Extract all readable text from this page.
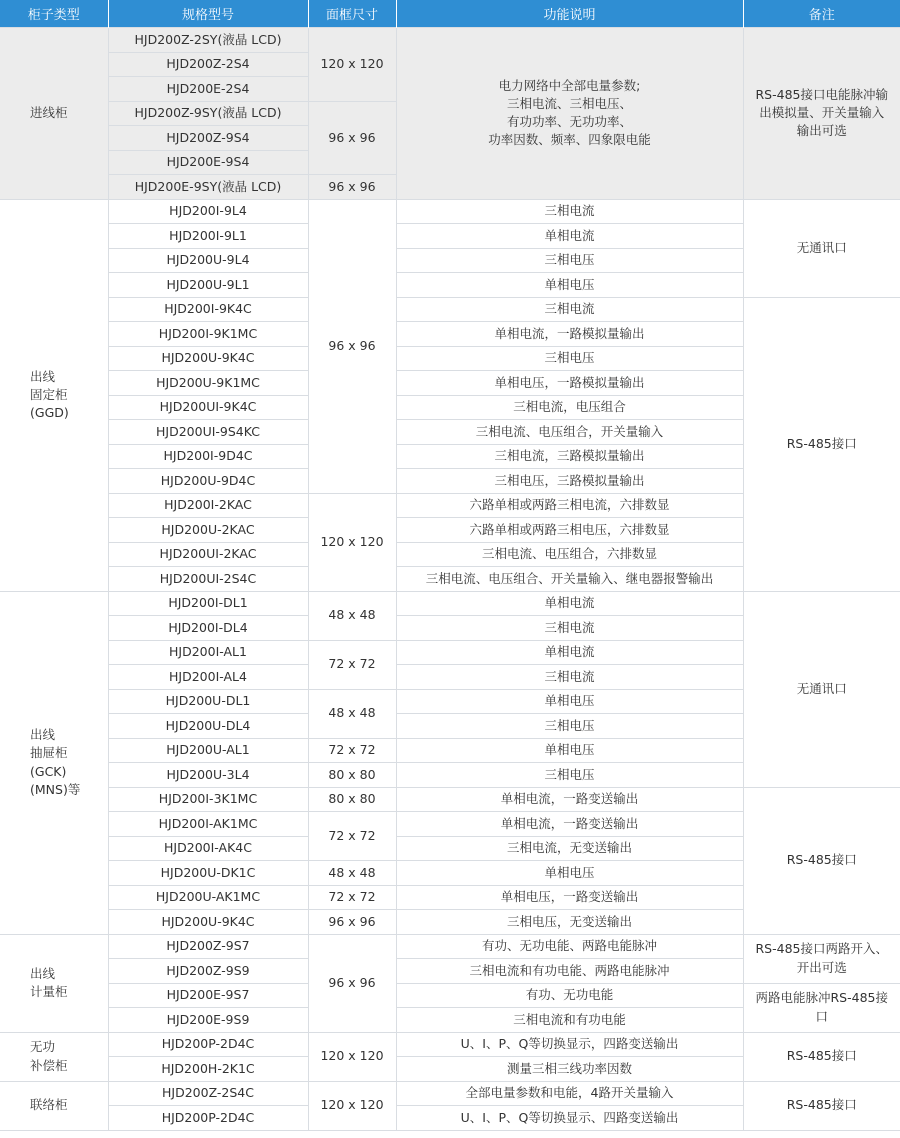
柜子类型	规格型号	面框尺寸	功能说明	备注
进线柜	HJD200Z-2SY(液晶 LCD)	120 x 120	电力网络中全部电量参数;
三相电流、三相电压、
有功功率、无功功率、
功率因数、频率、四象限电能	RS-485接口电能脉冲输出模拟量、开关量输入输出可选
	HJD200Z-2S4			
	HJD200E-2S4			
	HJD200Z-9SY(液晶 LCD)	96 x 96		
	HJD200Z-9S4			
	HJD200E-9S4			
	HJD200E-9SY(液晶 LCD)	96 x 96		

出线
固定柜
(GGD)	HJD200I-9L4	96 x 96	三相电流	无通讯口
	HJD200I-9L1		单相电流	
	HJD200U-9L4		三相电压	
	HJD200U-9L1		单相电压	
	HJD200I-9K4C		三相电流	RS-485接口
	HJD200I-9K1MC		单相电流，一路模拟量输出	
	HJD200U-9K4C		三相电压	
	HJD200U-9K1MC		单相电压，一路模拟量输出	
	HJD200UI-9K4C		三相电流，电压组合	
	HJD200UI-9S4KC		三相电流、电压组合，开关量输入	
	HJD200I-9D4C		三相电流，三路模拟量输出	
	HJD200U-9D4C		三相电压，三路模拟量输出	
	HJD200I-2KAC	120 x 120	六路单相或两路三相电流，六排数显	
	HJD200U-2KAC		六路单相或两路三相电压，六排数显	
	HJD200UI-2KAC		三相电流、电压组合，六排数显	
	HJD200UI-2S4C		三相电流、电压组合、开关量输入、继电器报警输出	

出线
抽屉柜
(GCK)
(MNS)等	HJD200I-DL1	48 x 48	单相电流	无通讯口
	HJD200I-DL4		三相电流	
	HJD200I-AL1	72 x 72	单相电流	
	HJD200I-AL4		三相电流	
	HJD200U-DL1	48 x 48	单相电压	
	HJD200U-DL4		三相电压	
	HJD200U-AL1	72 x 72	单相电压	
	HJD200U-3L4	80 x 80	三相电压	
	HJD200I-3K1MC	80 x 80	单相电流，一路变送输出	RS-485接口
	HJD200I-AK1MC	72 x 72	单相电流，一路变送输出	
	HJD200I-AK4C		三相电流，无变送输出	
	HJD200U-DK1C	48 x 48	单相电压	
	HJD200U-AK1MC	72 x 72	单相电压，一路变送输出	
	HJD200U-9K4C	96 x 96	三相电压，无变送输出	

出线
计量柜	HJD200Z-9S7	96 x 96	有功、无功电能、两路电能脉冲	RS-485接口两路开入、开出可选
	HJD200Z-9S9		三相电流和有功电能、两路电能脉冲	
	HJD200E-9S7		有功、无功电能	两路电能脉冲RS-485接口
	HJD200E-9S9		三相电流和有功电能	

无功
补偿柜	HJD200P-2D4C	120 x 120	U、I、P、Q等切换显示，四路变送输出	RS-485接口
	HJD200H-2K1C		测量三相三线功率因数	
联络柜	HJD200Z-2S4C	120 x 120	全部电量参数和电能，4路开关量输入	RS-485接口
	HJD200P-2D4C		U、I、P、Q等切换显示、四路变送输出	
